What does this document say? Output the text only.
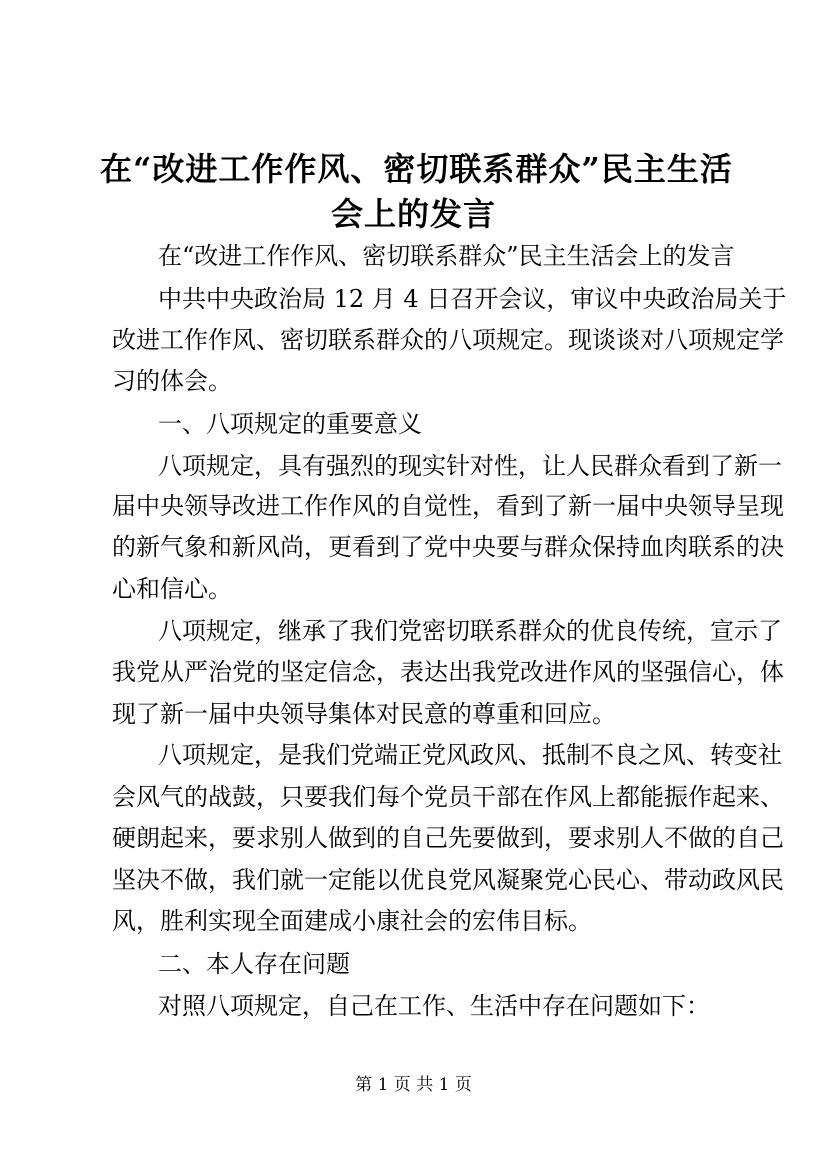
在“改进工作作风、密切联系群众”民主生活
会上的发言
在“改进工作作风、密切联系群众”民主生活会上的发言
中共中央政治局 12 月 4 日召开会议，审议中央政治局关于
改进工作作风、密切联系群众的八项规定。现谈谈对八项规定学
习的体会。
一、八项规定的重要意义
八项规定，具有强烈的现实针对性，让人民群众看到了新一
届中央领导改进工作作风的自觉性，看到了新一届中央领导呈现
的新气象和新风尚，更看到了党中央要与群众保持血肉联系的决
心和信心。
八项规定，继承了我们党密切联系群众的优良传统，宣示了
我党从严治党的坚定信念，表达出我党改进作风的坚强信心，体
现了新一届中央领导集体对民意的尊重和回应。
八项规定，是我们党端正党风政风、抵制不良之风、转变社
会风气的战鼓，只要我们每个党员干部在作风上都能振作起来、
硬朗起来，要求别人做到的自己先要做到，要求别人不做的自己
坚决不做，我们就一定能以优良党风凝聚党心民心、带动政风民
风，胜利实现全面建成小康社会的宏伟目标。
二、本人存在问题
对照八项规定，自己在工作、生活中存在问题如下：
第 1 页 共 1 页
